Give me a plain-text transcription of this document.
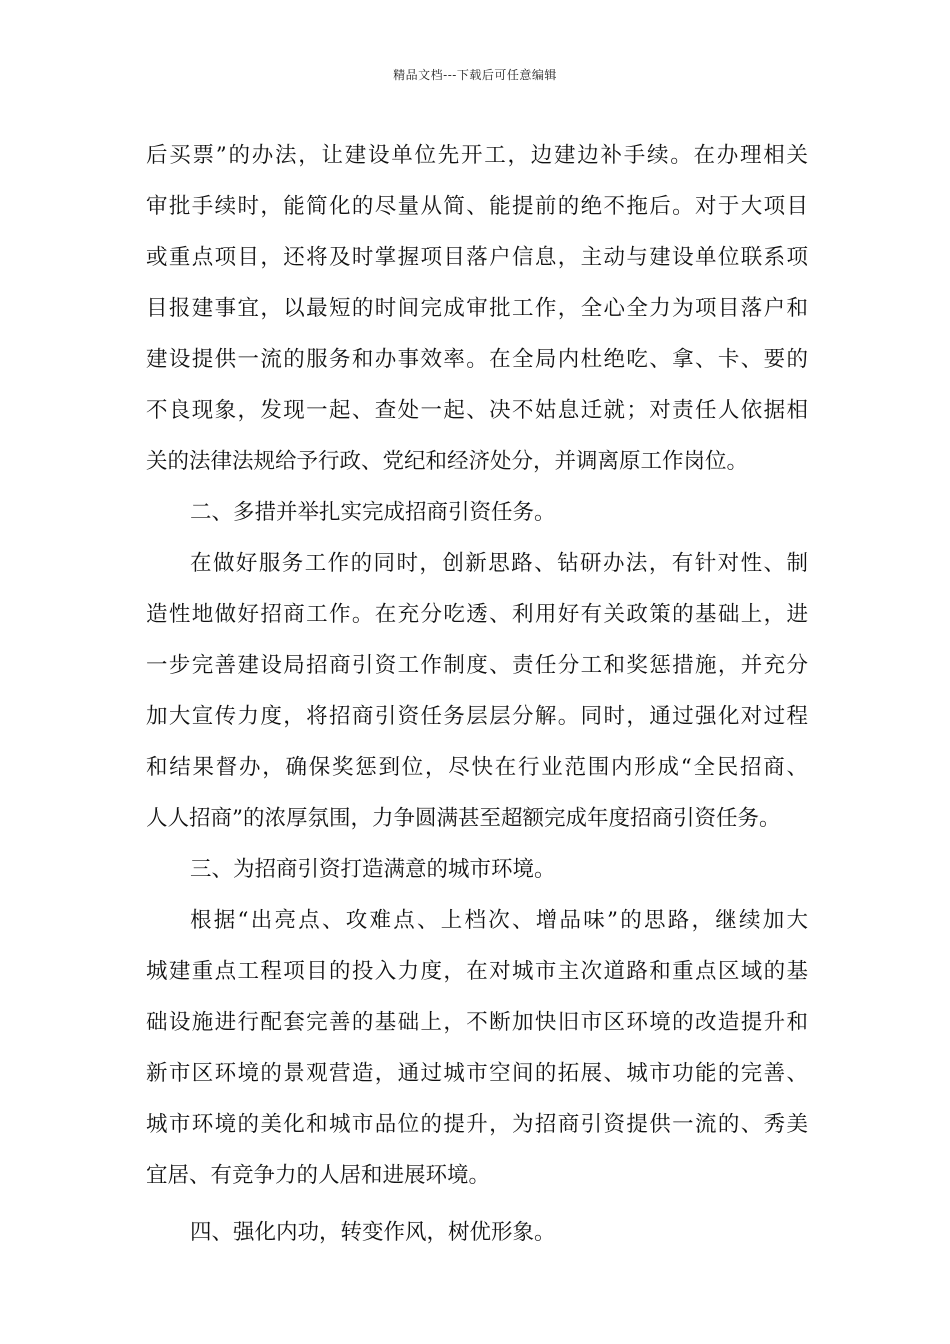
精品文档---下载后可任意编辑
后买票”的办法，让建设单位先开工，边建边补手续。在办理相关
审批手续时，能简化的尽量从简、能提前的绝不拖后。对于大项目
或重点项目，还将及时掌握项目落户信息，主动与建设单位联系项
目报建事宜，以最短的时间完成审批工作，全心全力为项目落户和
建设提供一流的服务和办事效率。在全局内杜绝吃、拿、卡、要的
不良现象，发现一起、查处一起、决不姑息迁就；对责任人依据相
关的法律法规给予行政、党纪和经济处分，并调离原工作岗位。
二、多措并举扎实完成招商引资任务。
在做好服务工作的同时，创新思路、钻研办法，有针对性、制
造性地做好招商工作。在充分吃透、利用好有关政策的基础上，进
一步完善建设局招商引资工作制度、责任分工和奖惩措施，并充分
加大宣传力度，将招商引资任务层层分解。同时，通过强化对过程
和结果督办，确保奖惩到位，尽快在行业范围内形成“全民招商、
人人招商”的浓厚氛围，力争圆满甚至超额完成年度招商引资任务。
三、为招商引资打造满意的城市环境。
根据“出亮点、攻难点、上档次、增品味”的思路，继续加大
城建重点工程项目的投入力度，在对城市主次道路和重点区域的基
础设施进行配套完善的基础上，不断加快旧市区环境的改造提升和
新市区环境的景观营造，通过城市空间的拓展、城市功能的完善、
城市环境的美化和城市品位的提升，为招商引资提供一流的、秀美
宜居、有竞争力的人居和进展环境。
四、强化内功，转变作风，树优形象。
